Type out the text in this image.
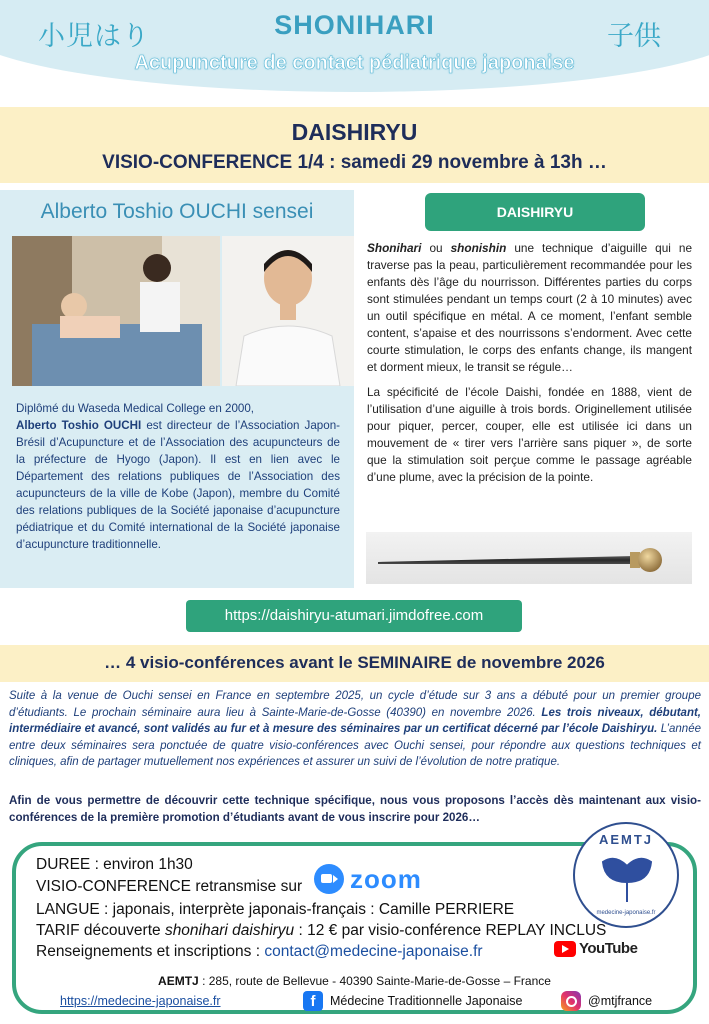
小児はり	SHONIHARI	子供
Acupuncture de contact pédiatrique japonaise
DAISHIRYU
VISIO-CONFERENCE 1/4 : samedi 29 novembre à 13h …
Alberto Toshio OUCHI sensei
Diplômé du Waseda Medical College en 2000,
Alberto Toshio OUCHI est directeur de l’Association Japon-Brésil d’Acupuncture et de l’Association des acupuncteurs de la préfecture de Hyogo (Japon). Il est en lien avec le Département des relations publiques de l’Association des acupuncteurs de la ville de Kobe (Japon), membre du Comité des relations publiques de la Société japonaise d’acupuncture pédiatrique et du Comité international de la Société japonaise d’acupuncture traditionnelle.
DAISHIRYU

Shonihari ou shonishin une technique d’aiguille qui ne traverse pas la peau, particulièrement recommandée pour les enfants dès l’âge du nourrisson. Différentes parties du corps sont stimulées pendant un temps court (2 à 10 minutes) avec un outil spécifique en métal. A ce moment, l’enfant semble content, s’apaise et des nourrissons s’endorment. Avec cette courte stimulation, le corps des enfants change, ils mangent et dorment mieux, le transit se régule…

La spécificité de l’école Daishi, fondée en 1888, vient de l’utilisation d’une aiguille à trois bords. Originellement utilisée pour piquer, percer, couper, elle est utilisée ici dans un mouvement de « tirer vers l’arrière sans piquer », de sorte que la stimulation soit perçue comme le passage agréable d’une plume, avec la précision de la pointe.

https://daishiryu-atumari.jimdofree.com
… 4 visio-conférences avant le SEMINAIRE de novembre 2026
Suite à la venue de Ouchi sensei en France en septembre 2025, un cycle d’étude sur 3 ans a débuté pour un premier groupe d’étudiants. Le prochain séminaire aura lieu à Sainte-Marie-de-Gosse (40390) en novembre 2026. Les trois niveaux, débutant, intermédiaire et avancé, sont validés au fur et à mesure des séminaires par un certificat décerné par l’école Daishiryu. L’année entre deux séminaires sera ponctuée de quatre visio-conférences avec Ouchi sensei, pour répondre aux questions techniques et cliniques, afin de partager mutuellement nos expériences et assurer un suivi de l’évolution de notre pratique.
Afin de vous permettre de découvrir cette technique spécifique, nous vous proposons l’accès dès maintenant aux visio-conférences de la première promotion d’étudiants avant de vous inscrire pour 2026…
DUREE : environ 1h30
VISIO-CONFERENCE retransmise sur zoom
LANGUE : japonais, interprète japonais-français : Camille PERRIERE
TARIF découverte shonihari daishiryu : 12 € par visio-conférence REPLAY INCLUS
Renseignements et inscriptions : contact@medecine-japonaise.fr	YouTube
AEMTJ : 285, route de Bellevue - 40390 Sainte-Marie-de-Gosse – France
https://medecine-japonaise.fr	f	Médecine Traditionnelle Japonaise	@mtjfrance
AEMTJ
medecine-japonaise.fr
